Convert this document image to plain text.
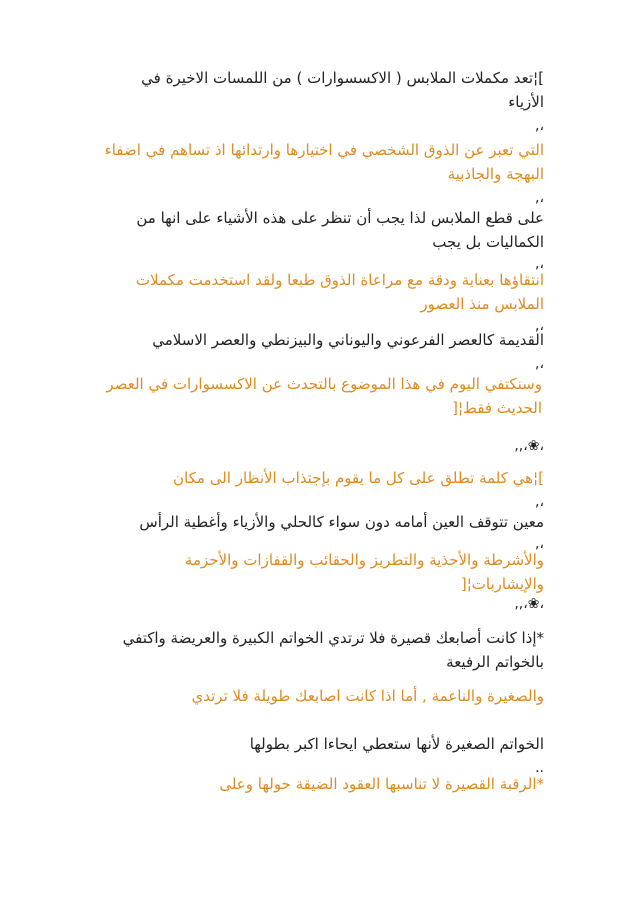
]¦تعد مكملات الملابس ( الاكسسوارات ) من اللمسات الاخيرة في الأزياء
،,
التي تعبر عن الذوق الشخصي في اختيارها وارتدائها اذ تساهم في اضفاء البهجة والجاذبية
،,
على قطع الملابس لذا يجب أن تنظر على هذه الأشياء على انها من الكماليات بل يجب
،,
انتقاؤها بعناية ودقة مع مراعاة الذوق طبعا ولقد استخدمت مكملات الملابس منذ العصور
،,
القديمة كالعصر الفرعوني واليوناني والبيزنطي والعصر الاسلامي
،,
وسنكتفي اليوم في هذا الموضوع بالتحدث عن الاكسسوارات في العصر الحديث فقط¦[
،❀،,,
]¦هي كلمة تطلق على كل ما يقوم بإجتذاب الأنظار الى مكان
،,
معين تتوقف العين أمامه دون سواء كالحلي والأزياء وأغطية الرأس
،,
والأشرطة والأحذية والتطريز والحقائب والقفازات والأحزمة والإيشاربات¦[
،❀،,,
*إذا كانت أصابعك قصيرة فلا ترتدي الخواتم الكبيرة والعريضة واكتفي بالخواتم الرفيعة
والصغيرة والناعمة , أما اذا كانت اصابعك طويلة فلا ترتدي
الخواتم الصغيرة لأنها ستعطي ايحاءا اكبر بطولها
..
*الرقبة القصيرة لا تناسبها العقود الضيقة حولها وعلى
